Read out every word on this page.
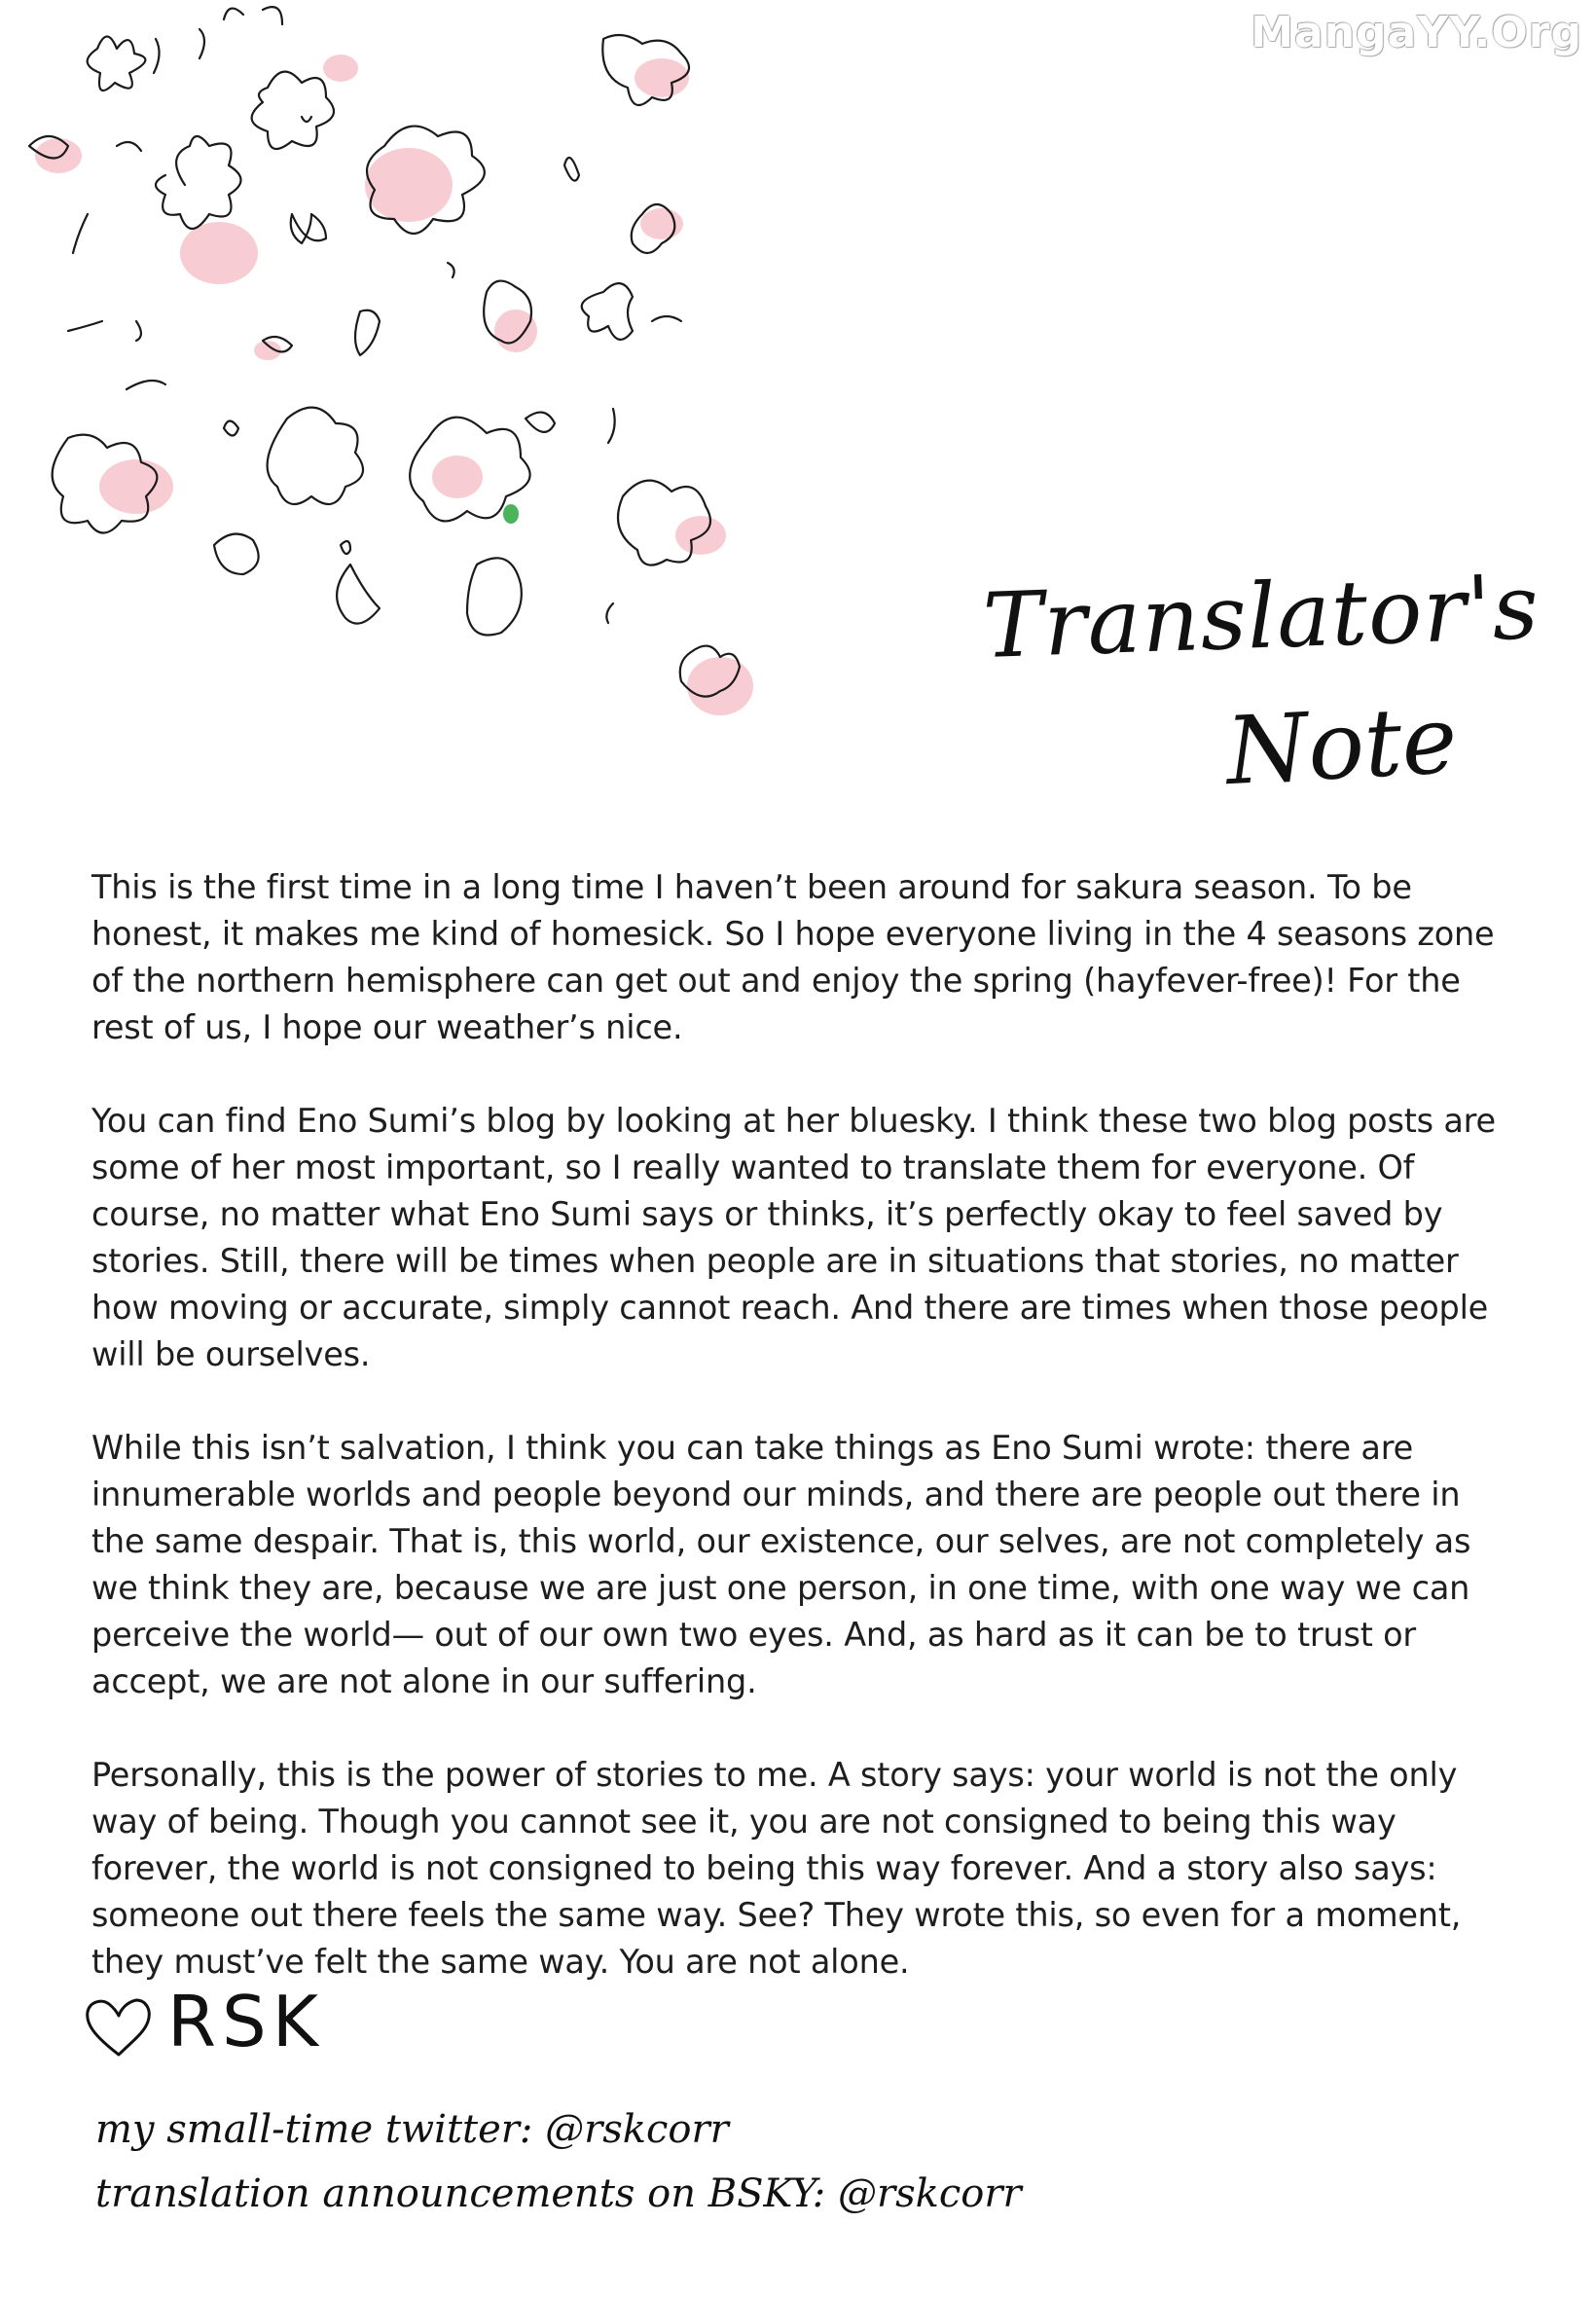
MangaYY.Org
Translator's
Note

This is the first time in a long time I haven’t been around for sakura season. To be honest, it makes me kind of homesick. So I hope everyone living in the 4 seasons zone of the northern hemisphere can get out and enjoy the spring (hayfever-free)! For the rest of us, I hope our weather’s nice.

You can find Eno Sumi’s blog by looking at her bluesky. I think these two blog posts are some of her most important, so I really wanted to translate them for everyone. Of course, no matter what Eno Sumi says or thinks, it’s perfectly okay to feel saved by stories. Still, there will be times when people are in situations that stories, no matter how moving or accurate, simply cannot reach. And there are times when those people will be ourselves.

While this isn’t salvation, I think you can take things as Eno Sumi wrote: there are innumerable worlds and people beyond our minds, and there are people out there in the same despair. That is, this world, our existence, our selves, are not completely as we think they are, because we are just one person, in one time, with one way we can perceive the world— out of our own two eyes. And, as hard as it can be to trust or accept, we are not alone in our suffering.

Personally, this is the power of stories to me. A story says: your world is not the only way of being. Though you cannot see it, you are not consigned to being this way forever, the world is not consigned to being this way forever. And a story also says: someone out there feels the same way. See? They wrote this, so even for a moment, they must’ve felt the same way. You are not alone.

RSK
my small-time twitter: @rskcorr
translation announcements on BSKY: @rskcorr
